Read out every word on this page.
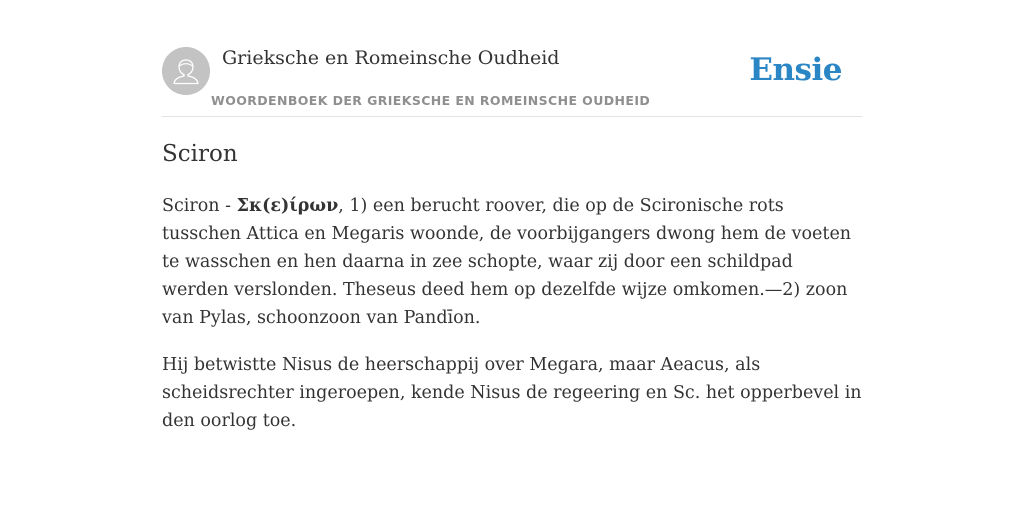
Grieksche en Romeinsche Oudheid
WOORDENBOEK DER GRIEKSCHE EN ROMEINSCHE OUDHEID
Ensie
Sciron

Sciron - Σκ(ε)ίρων, 1) een berucht roover, die op de Scironische rots tusschen Attica en Megaris woonde, de voorbijgangers dwong hem de voeten te wasschen en hen daarna in zee schopte, waar zij door een schildpad werden verslonden. Theseus deed hem op dezelfde wijze omkomen.—2) zoon van Pylas, schoonzoon van Pandīon.

Hij betwistte Nisus de heerschappij over Megara, maar Aeacus, als scheidsrechter ingeroepen, kende Nisus de regeering en Sc. het opperbevel in den oorlog toe.
